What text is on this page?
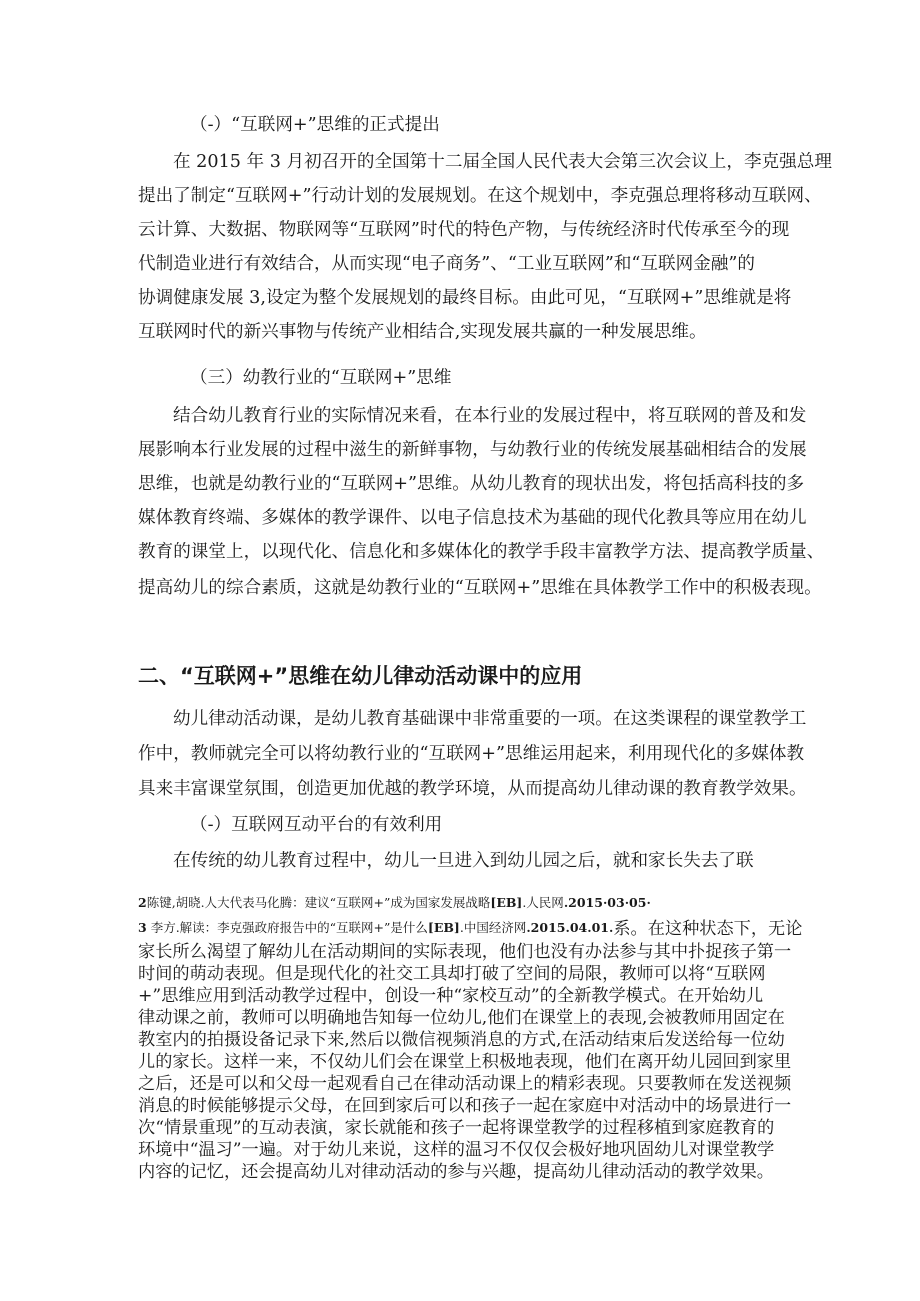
（-）“互联网+”思维的正式提出
在 2015 年 3 月初召开的全国第十二届全国人民代表大会第三次会议上，李克强总理
提出了制定“互联网+”行动计划的发展规划。在这个规划中，李克强总理将移动互联网、
云计算、大数据、物联网等“互联网”时代的特色产物，与传统经济时代传承至今的现
代制造业进行有效结合，从而实现“电子商务”、“工业互联网”和“互联网金融”的
协调健康发展 3,设定为整个发展规划的最终目标。由此可见，“互联网+”思维就是将
互联网时代的新兴事物与传统产业相结合,实现发展共赢的一种发展思维。
（三）幼教行业的“互联网+”思维
结合幼儿教育行业的实际情况来看，在本行业的发展过程中，将互联网的普及和发
展影响本行业发展的过程中滋生的新鲜事物，与幼教行业的传统发展基础相结合的发展
思维，也就是幼教行业的“互联网+”思维。从幼儿教育的现状出发，将包括高科技的多
媒体教育终端、多媒体的教学课件、以电子信息技术为基础的现代化教具等应用在幼儿
教育的课堂上，以现代化、信息化和多媒体化的教学手段丰富教学方法、提高教学质量、
提高幼儿的综合素质，这就是幼教行业的“互联网+”思维在具体教学工作中的积极表现。
二、“互联网+”思维在幼儿律动活动课中的应用
幼儿律动活动课，是幼儿教育基础课中非常重要的一项。在这类课程的课堂教学工
作中，教师就完全可以将幼教行业的“互联网+”思维运用起来，利用现代化的多媒体教
具来丰富课堂氛围，创造更加优越的教学环境，从而提高幼儿律动课的教育教学效果。
（-）互联网互动平台的有效利用
在传统的幼儿教育过程中，幼儿一旦进入到幼儿园之后，就和家长失去了联
2陈键,胡晓.人大代表马化腾：建议“互联网+”成为国家发展战略[EB].人民网.2015·03·05·
3 李方.解读：李克强政府报告中的“互联网+”是什么[EB].中国经济网.2015.04.01.系。在这种状态下，无论
家长所么渴望了解幼儿在活动期间的实际表现，他们也没有办法参与其中扑捉孩子第一
时间的萌动表现。但是现代化的社交工具却打破了空间的局限，教师可以将“互联网
+”思维应用到活动教学过程中，创设一种“家校互动”的全新教学模式。在开始幼儿
律动课之前，教师可以明确地告知每一位幼儿,他们在课堂上的表现,会被教师用固定在
教室内的拍摄设备记录下来,然后以微信视频消息的方式,在活动结束后发送给每一位幼
儿的家长。这样一来，不仅幼儿们会在课堂上积极地表现，他们在离开幼儿园回到家里
之后，还是可以和父母一起观看自己在律动活动课上的精彩表现。只要教师在发送视频
消息的时候能够提示父母，在回到家后可以和孩子一起在家庭中对活动中的场景进行一
次“情景重现”的互动表演，家长就能和孩子一起将课堂教学的过程移植到家庭教育的
环境中“温习”一遍。对于幼儿来说，这样的温习不仅仅会极好地巩固幼儿对课堂教学
内容的记忆，还会提高幼儿对律动活动的参与兴趣，提高幼儿律动活动的教学效果。
